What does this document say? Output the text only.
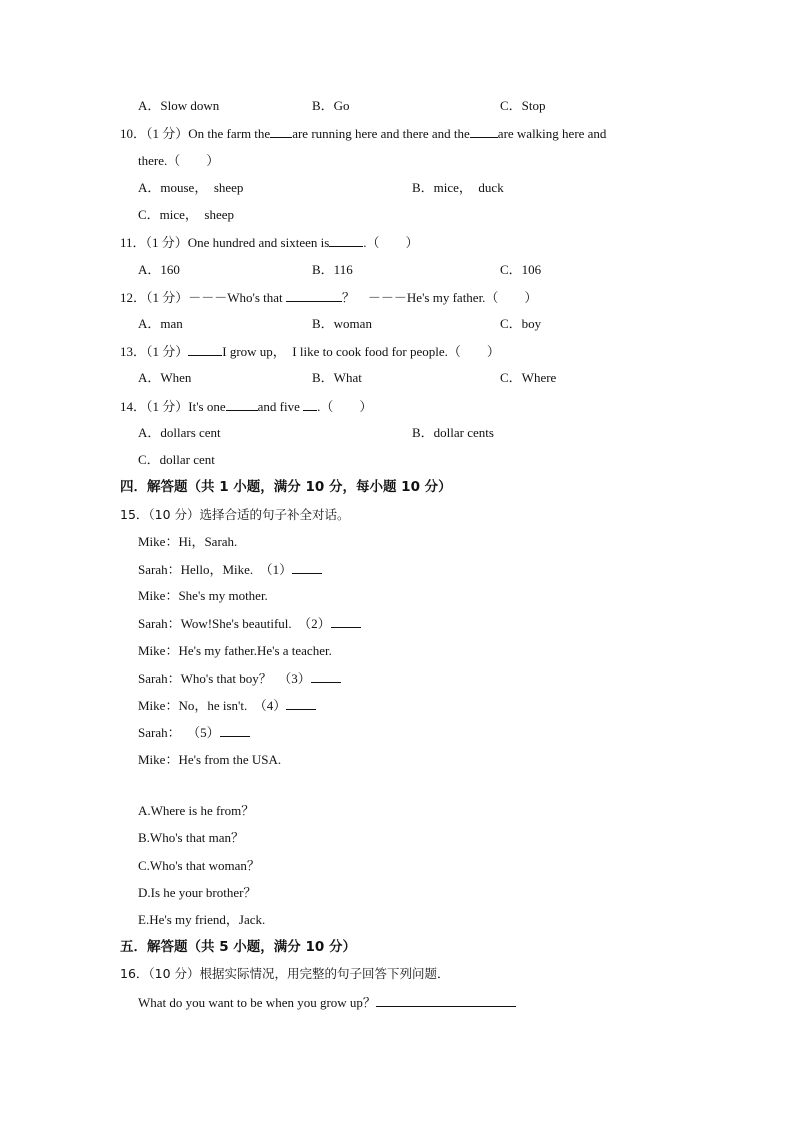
A．Slow down	B．Go	C．Stop
10．（1 分）On the farm the are running here and there and the are walking here and
there.（　　）
A．mouse，  sheep	B．mice，  duck
C．mice，  sheep
11．（1 分）One hundred and sixteen is	.（　　）
A．160	B．116	C．106
12．（1 分）－－－Who's that	？　－－－He's my father.（　　）
A．man	B．woman	C．boy
13．（1 分）	I grow up，  I like to cook food for people.（　　）
A．When	B．What	C．Where
14．（1 分）It's one and five .（　　）
A．dollars cent	B．dollar cents
C．dollar cent
四．解答题（共 1 小题，满分 10 分，每小题 10 分）
15．（10 分）选择合适的句子补全对话。
Mike：Hi，Sarah.
Sarah：Hello，Mike.  （1）
Mike：She's my mother.
Sarah：Wow!She's beautiful.  （2）
Mike：He's my father.He's a teacher.
Sarah：Who's that boy？  （3）
Mike：No，he isn't.  （4）
Sarah：  （5）
Mike：He's from the USA.
A.Where is he from？
B.Who's that man？
C.Who's that woman？
D.Is he your brother？
E.He's my friend，Jack.
五．解答题（共 5 小题，满分 10 分）
16．（10 分）根据实际情况，用完整的句子回答下列问题．
What do you want to be when you grow up？
